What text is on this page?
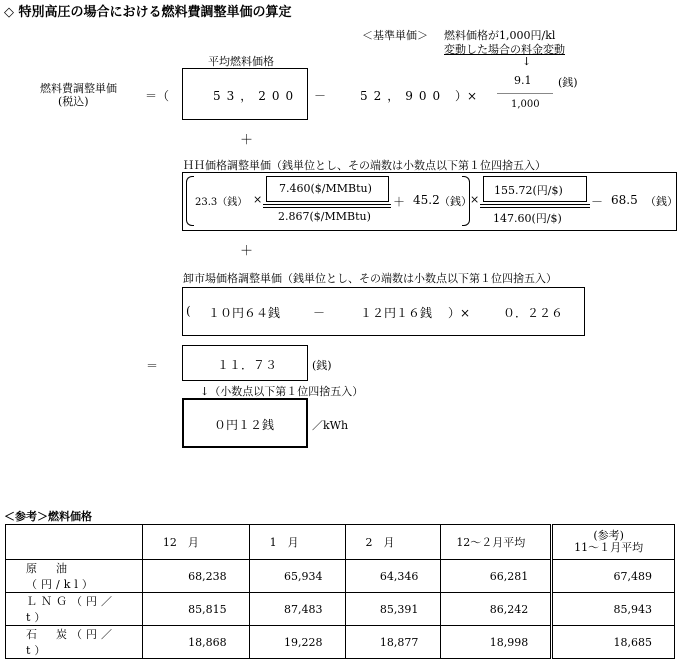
◇ 特別高圧の場合における燃料費調整単価の算定
＜基準単価＞ 燃料価格が1,000円/kl
変動した場合の料金変動
↓
燃料費調整単価
(税込)	＝（
平均燃料価格
53，200 －	52，900 ）×
9.1
1,000
(銭)
＋
ＨＨ価格調整単価（銭単位とし、その端数は小数点以下第１位四捨五入）
23.3（銭） ×
7.460($/MMBtu)
2.867($/MMBtu)
＋ 45.2 （銭）
×
155.72(円/$)
147.60(円/$)
－ 68.5 （銭）
＋
卸市場価格調整単価（銭単位とし、その端数は小数点以下第１位四捨五入）
( １０円６４銭	－	１２円１６銭 ）×	０．２２６
＝	１１．７３	(銭)
↓（小数点以下第１位四捨五入）
０円１２銭	／kWh
＜参考＞燃料価格
	12　月	1　月	2　月	12～２月平均	(参考)
11～１月平均

原　油（円/kl）	68,238	65,934	64,346	66,281	67,489
ＬＮＧ（円／t）	85,815	87,483	85,391	86,242	85,943
石　炭（円／t）	18,868	19,228	18,877	18,998	18,685
